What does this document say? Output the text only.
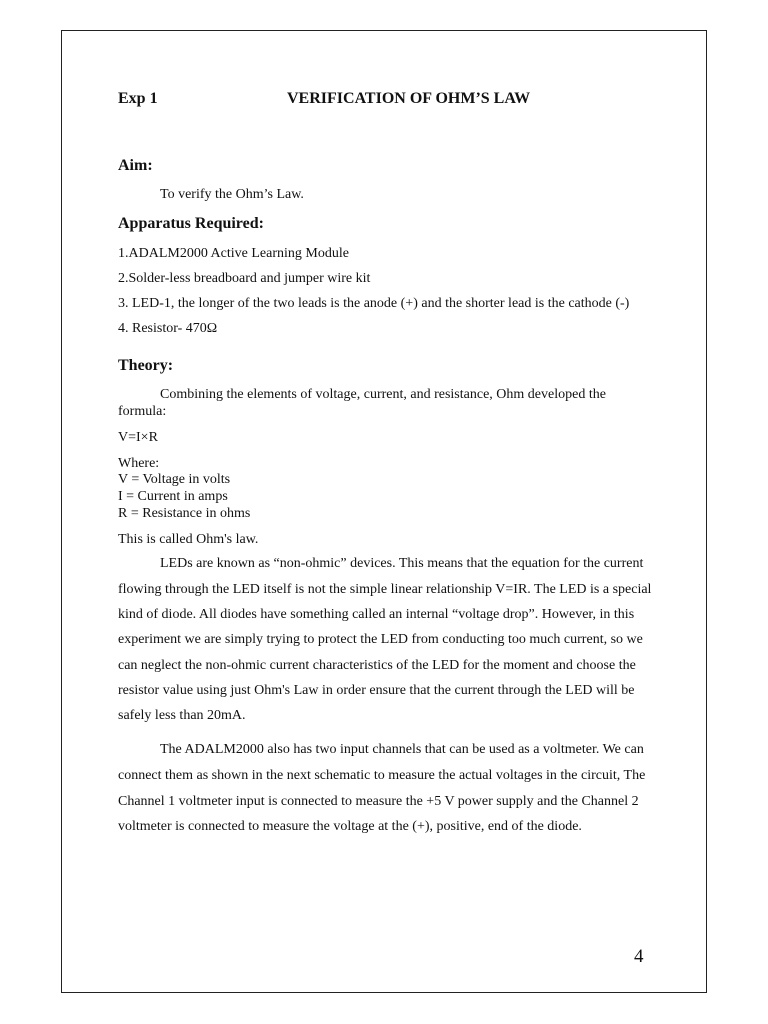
Exp 1	VERIFICATION OF OHM’S LAW
Aim:
To verify the Ohm’s Law.
Apparatus Required:
1.ADALM2000 Active Learning Module
2.Solder-less breadboard and jumper wire kit
3. LED-1, the longer of the two leads is the anode (+) and the shorter lead is the cathode (-)
4. Resistor- 470Ω
Theory:
Combining the elements of voltage, current, and resistance, Ohm developed the
formula:
V=I×R
Where:
V = Voltage in volts
I = Current in amps
R = Resistance in ohms
This is called Ohm's law.
LEDs are known as “non-ohmic” devices. This means that the equation for the current
flowing through the LED itself is not the simple linear relationship V=IR. The LED is a special
kind of diode. All diodes have something called an internal “voltage drop”. However, in this
experiment we are simply trying to protect the LED from conducting too much current, so we
can neglect the non-ohmic current characteristics of the LED for the moment and choose the
resistor value using just Ohm's Law in order ensure that the current through the LED will be
safely less than 20mA.
The ADALM2000 also has two input channels that can be used as a voltmeter. We can
connect them as shown in the next schematic to measure the actual voltages in the circuit, The
Channel 1 voltmeter input is connected to measure the +5 V power supply and the Channel 2
voltmeter is connected to measure the voltage at the (+), positive, end of the diode.
4
